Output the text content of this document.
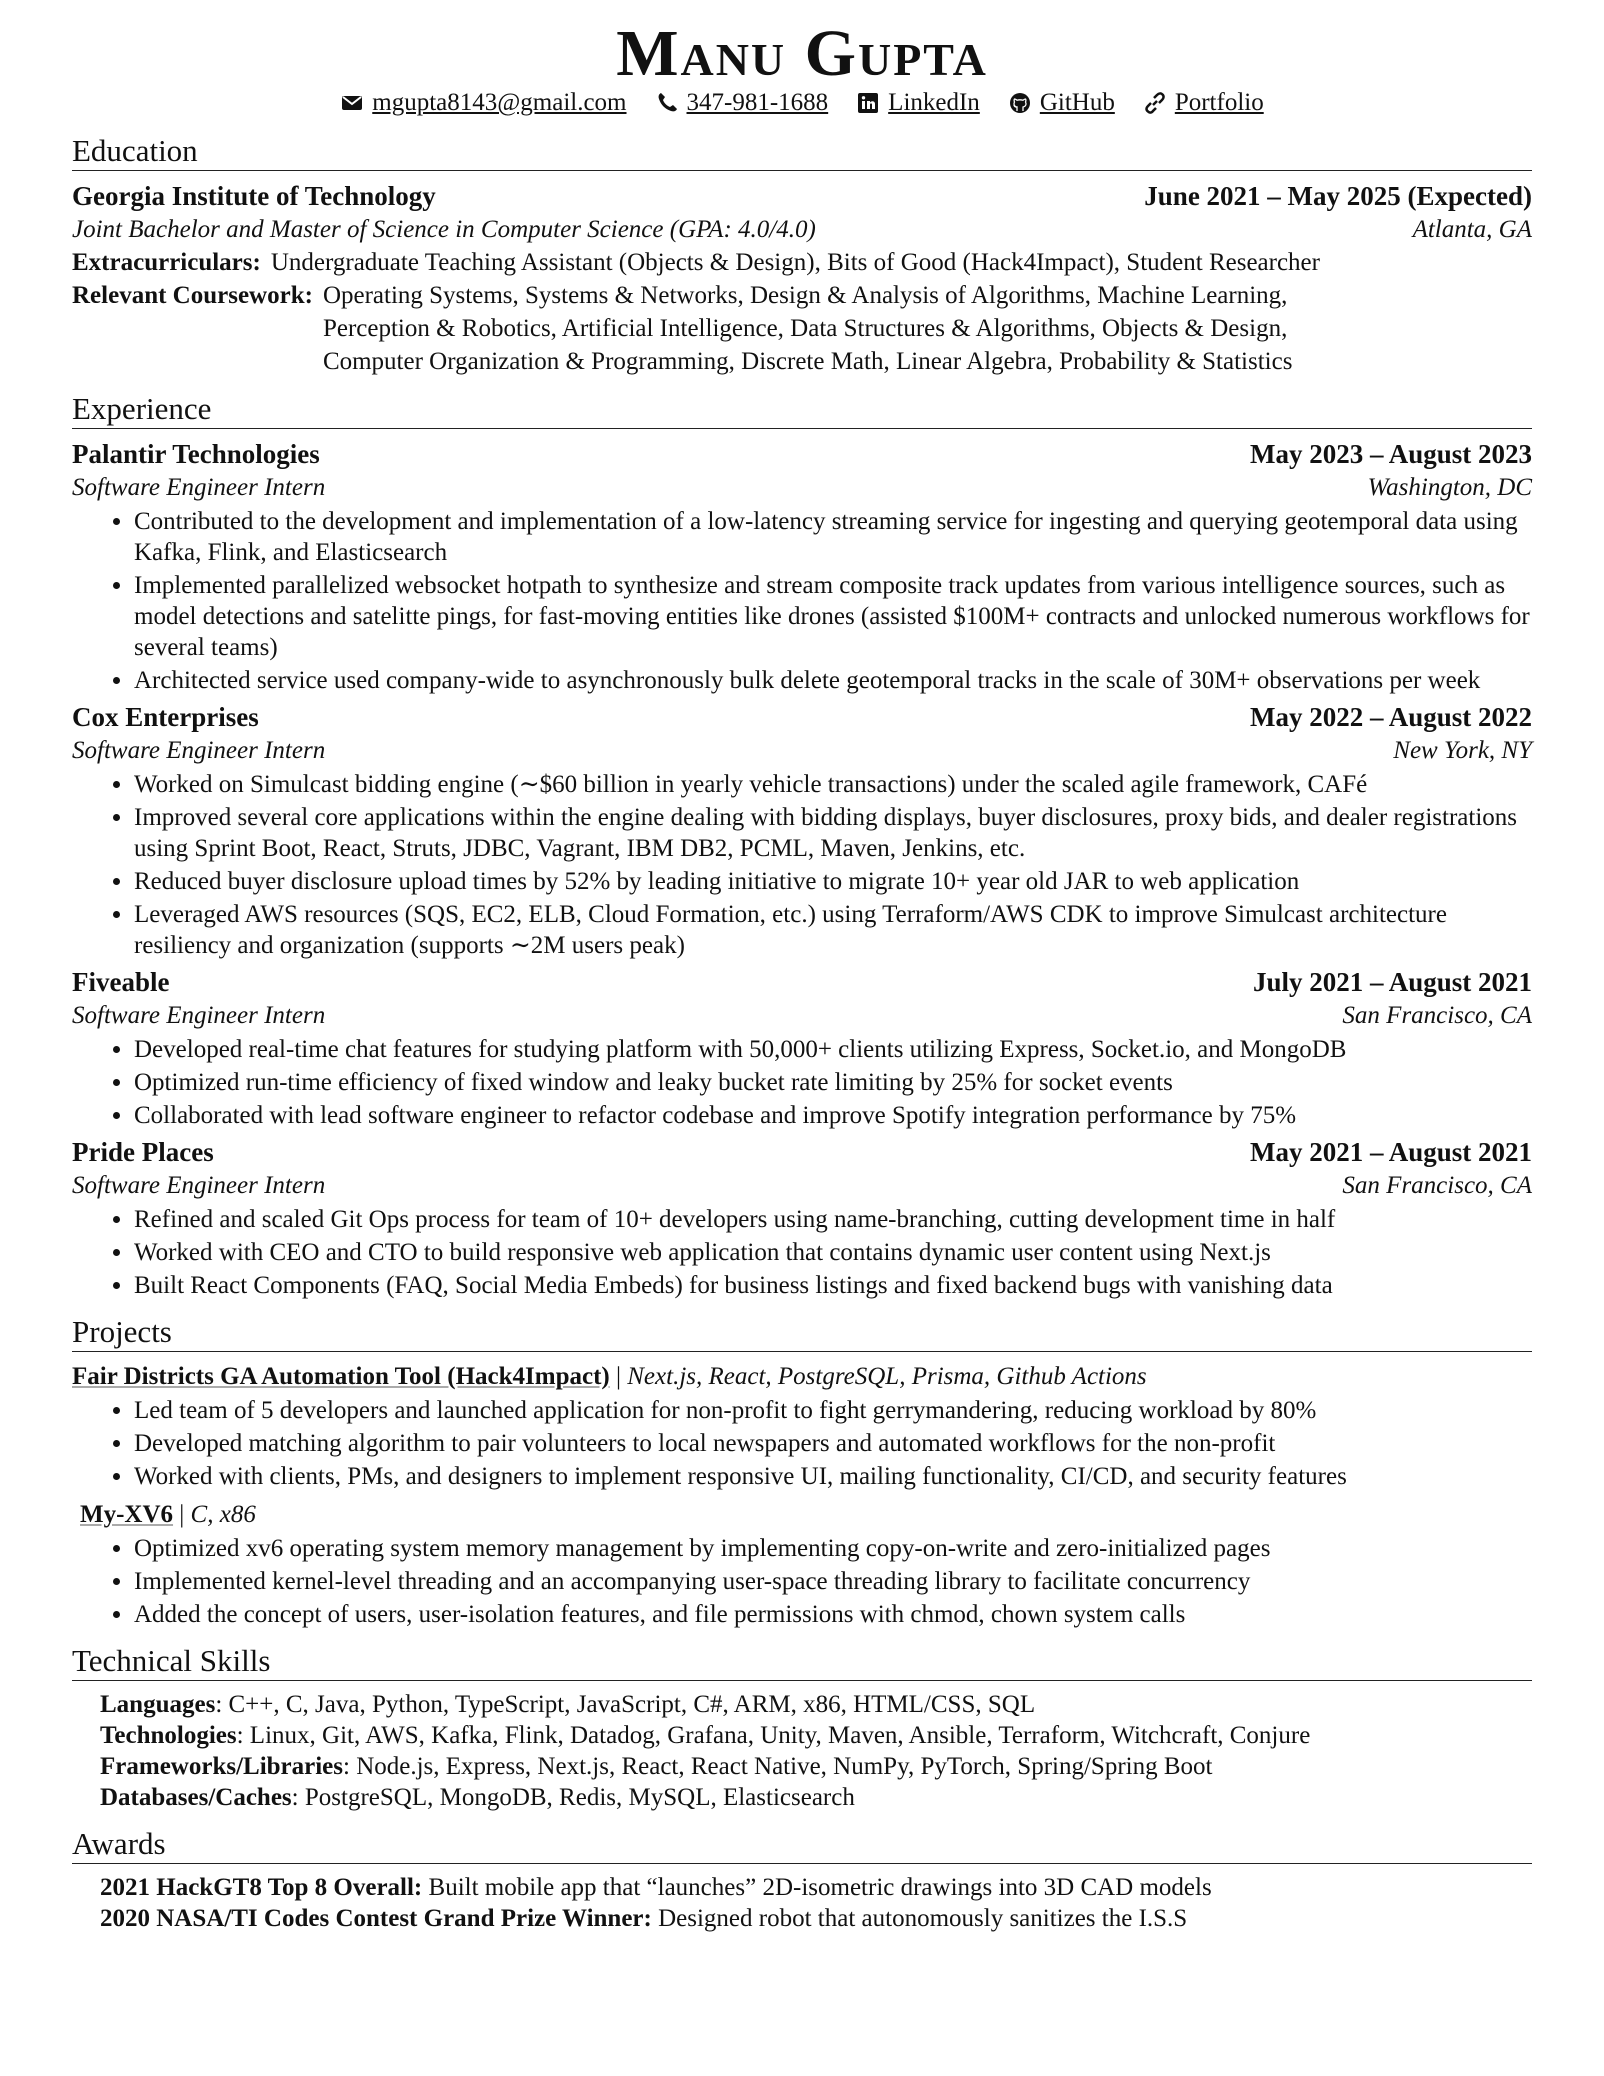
Manu Gupta
mgupta8143@gmail.com 347-981-1688 LinkedIn GitHub Portfolio
Education
Georgia Institute of Technology	June 2021 – May 2025 (Expected)
Joint Bachelor and Master of Science in Computer Science (GPA: 4.0/4.0)	Atlanta, GA
Extracurriculars: Undergraduate Teaching Assistant (Objects & Design), Bits of Good (Hack4Impact), Student Researcher
Relevant Coursework: Operating Systems, Systems & Networks, Design & Analysis of Algorithms, Machine Learning,
Perception & Robotics, Artificial Intelligence, Data Structures & Algorithms, Objects & Design,
Computer Organization & Programming, Discrete Math, Linear Algebra, Probability & Statistics
Experience
Palantir Technologies	May 2023 – August 2023
Software Engineer Intern	Washington, DC
• Contributed to the development and implementation of a low-latency streaming service for ingesting and querying geotemporal data using Kafka, Flink, and Elasticsearch
• Implemented parallelized websocket hotpath to synthesize and stream composite track updates from various intelligence sources, such as model detections and satelitte pings, for fast-moving entities like drones (assisted $100M+ contracts and unlocked numerous workflows for several teams)
• Architected service used company-wide to asynchronously bulk delete geotemporal tracks in the scale of 30M+ observations per week
Cox Enterprises	May 2022 – August 2022
Software Engineer Intern	New York, NY
• Worked on Simulcast bidding engine (∼$60 billion in yearly vehicle transactions) under the scaled agile framework, CAFé
• Improved several core applications within the engine dealing with bidding displays, buyer disclosures, proxy bids, and dealer registrations using Sprint Boot, React, Struts, JDBC, Vagrant, IBM DB2, PCML, Maven, Jenkins, etc.
• Reduced buyer disclosure upload times by 52% by leading initiative to migrate 10+ year old JAR to web application
• Leveraged AWS resources (SQS, EC2, ELB, Cloud Formation, etc.) using Terraform/AWS CDK to improve Simulcast architecture resiliency and organization (supports ∼2M users peak)
Fiveable	July 2021 – August 2021
Software Engineer Intern	San Francisco, CA
• Developed real-time chat features for studying platform with 50,000+ clients utilizing Express, Socket.io, and MongoDB
• Optimized run-time efficiency of fixed window and leaky bucket rate limiting by 25% for socket events
• Collaborated with lead software engineer to refactor codebase and improve Spotify integration performance by 75%
Pride Places	May 2021 – August 2021
Software Engineer Intern	San Francisco, CA
• Refined and scaled Git Ops process for team of 10+ developers using name-branching, cutting development time in half
• Worked with CEO and CTO to build responsive web application that contains dynamic user content using Next.js
• Built React Components (FAQ, Social Media Embeds) for business listings and fixed backend bugs with vanishing data
Projects
Fair Districts GA Automation Tool (Hack4Impact) | Next.js, React, PostgreSQL, Prisma, Github Actions
• Led team of 5 developers and launched application for non-profit to fight gerrymandering, reducing workload by 80%
• Developed matching algorithm to pair volunteers to local newspapers and automated workflows for the non-profit
• Worked with clients, PMs, and designers to implement responsive UI, mailing functionality, CI/CD, and security features
My-XV6 | C, x86
• Optimized xv6 operating system memory management by implementing copy-on-write and zero-initialized pages
• Implemented kernel-level threading and an accompanying user-space threading library to facilitate concurrency
• Added the concept of users, user-isolation features, and file permissions with chmod, chown system calls
Technical Skills
Languages: C++, C, Java, Python, TypeScript, JavaScript, C#, ARM, x86, HTML/CSS, SQL
Technologies: Linux, Git, AWS, Kafka, Flink, Datadog, Grafana, Unity, Maven, Ansible, Terraform, Witchcraft, Conjure
Frameworks/Libraries: Node.js, Express, Next.js, React, React Native, NumPy, PyTorch, Spring/Spring Boot
Databases/Caches: PostgreSQL, MongoDB, Redis, MySQL, Elasticsearch
Awards
2021 HackGT8 Top 8 Overall: Built mobile app that “launches” 2D-isometric drawings into 3D CAD models
2020 NASA/TI Codes Contest Grand Prize Winner: Designed robot that autonomously sanitizes the I.S.S
